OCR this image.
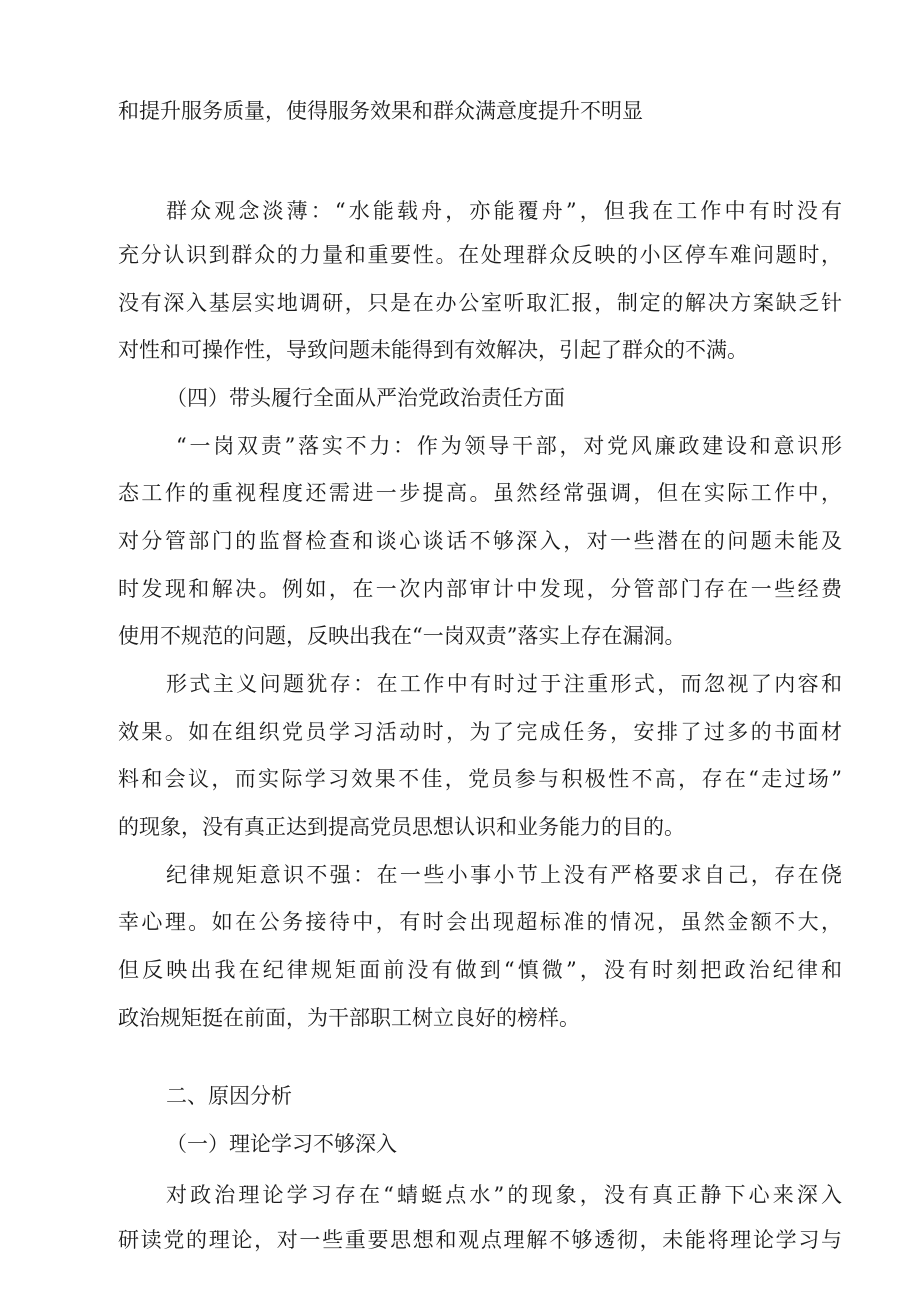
和提升服务质量，使得服务效果和群众满意度提升不明显
群众观念淡薄：“水能载舟，亦能覆舟”，但我在工作中有时没有
充分认识到群众的力量和重要性。在处理群众反映的小区停车难问题时，
没有深入基层实地调研，只是在办公室听取汇报，制定的解决方案缺乏针
对性和可操作性，导致问题未能得到有效解决，引起了群众的不满。
（四）带头履行全面从严治党政治责任方面
“一岗双责”落实不力：作为领导干部，对党风廉政建设和意识形
态工作的重视程度还需进一步提高。虽然经常强调，但在实际工作中，
对分管部门的监督检查和谈心谈话不够深入，对一些潜在的问题未能及
时发现和解决。例如，在一次内部审计中发现，分管部门存在一些经费
使用不规范的问题，反映出我在“一岗双责”落实上存在漏洞。
形式主义问题犹存：在工作中有时过于注重形式，而忽视了内容和
效果。如在组织党员学习活动时，为了完成任务，安排了过多的书面材
料和会议，而实际学习效果不佳，党员参与积极性不高，存在“走过场”
的现象，没有真正达到提高党员思想认识和业务能力的目的。
纪律规矩意识不强：在一些小事小节上没有严格要求自己，存在侥
幸心理。如在公务接待中，有时会出现超标准的情况，虽然金额不大，
但反映出我在纪律规矩面前没有做到“慎微”，没有时刻把政治纪律和
政治规矩挺在前面，为干部职工树立良好的榜样。
二、原因分析
（一）理论学习不够深入
对政治理论学习存在“蜻蜓点水”的现象，没有真正静下心来深入
研读党的理论，对一些重要思想和观点理解不够透彻，未能将理论学习与
